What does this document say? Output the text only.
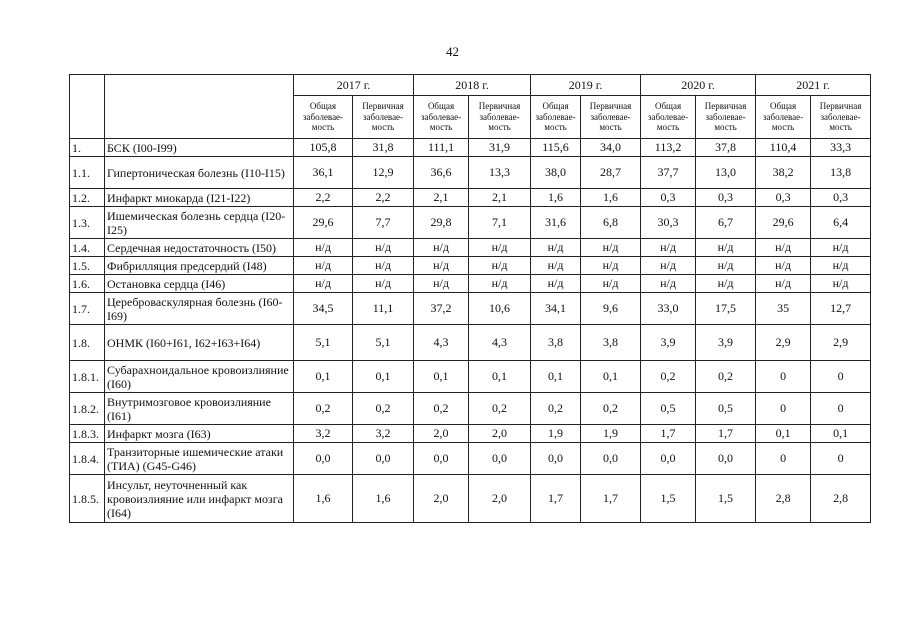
42
		2017 г.		2018 г.		2019 г.		2020 г.		2021 г.	
		Общая заболевае-мость	Первичная заболевае-мость	Общая заболевае-мость	Первичная заболевае-мость	Общая заболевае-мость	Первичная заболевае-мость	Общая заболевае-мость	Первичная заболевае-мость	Общая заболевае-мость	Первичная заболевае-мость
1.	БСК (I00-I99)	105,8	31,8	111,1	31,9	115,6	34,0	113,2	37,8	110,4	33,3
1.1.	Гипертоническая болезнь (I10-I15)	36,1	12,9	36,6	13,3	38,0	28,7	37,7	13,0	38,2	13,8
1.2.	Инфаркт миокарда (I21-I22)	2,2	2,2	2,1	2,1	1,6	1,6	0,3	0,3	0,3	0,3
1.3.	Ишемическая болезнь сердца (I20-I25)	29,6	7,7	29,8	7,1	31,6	6,8	30,3	6,7	29,6	6,4
1.4.	Сердечная недостаточность (I50)	н/д	н/д	н/д	н/д	н/д	н/д	н/д	н/д	н/д	н/д
1.5.	Фибрилляция предсердий (I48)	н/д	н/д	н/д	н/д	н/д	н/д	н/д	н/д	н/д	н/д
1.6.	Остановка сердца (I46)	н/д	н/д	н/д	н/д	н/д	н/д	н/д	н/д	н/д	н/д
1.7.	Цереброваскулярная болезнь (I60-I69)	34,5	11,1	37,2	10,6	34,1	9,6	33,0	17,5	35	12,7
1.8.	ОНМК (I60+I61, I62+I63+I64)	5,1	5,1	4,3	4,3	3,8	3,8	3,9	3,9	2,9	2,9
1.8.1.	Субарахноидальное кровоизлияние (I60)	0,1	0,1	0,1	0,1	0,1	0,1	0,2	0,2	0	0
1.8.2.	Внутримозговое кровоизлияние (I61)	0,2	0,2	0,2	0,2	0,2	0,2	0,5	0,5	0	0
1.8.3.	Инфаркт мозга (I63)	3,2	3,2	2,0	2,0	1,9	1,9	1,7	1,7	0,1	0,1
1.8.4.	Транзиторные ишемические атаки (ТИА) (G45-G46)	0,0	0,0	0,0	0,0	0,0	0,0	0,0	0,0	0	0
1.8.5.	Инсульт, неуточненный как кровоизлияние или инфаркт мозга (I64)	1,6	1,6	2,0	2,0	1,7	1,7	1,5	1,5	2,8	2,8
